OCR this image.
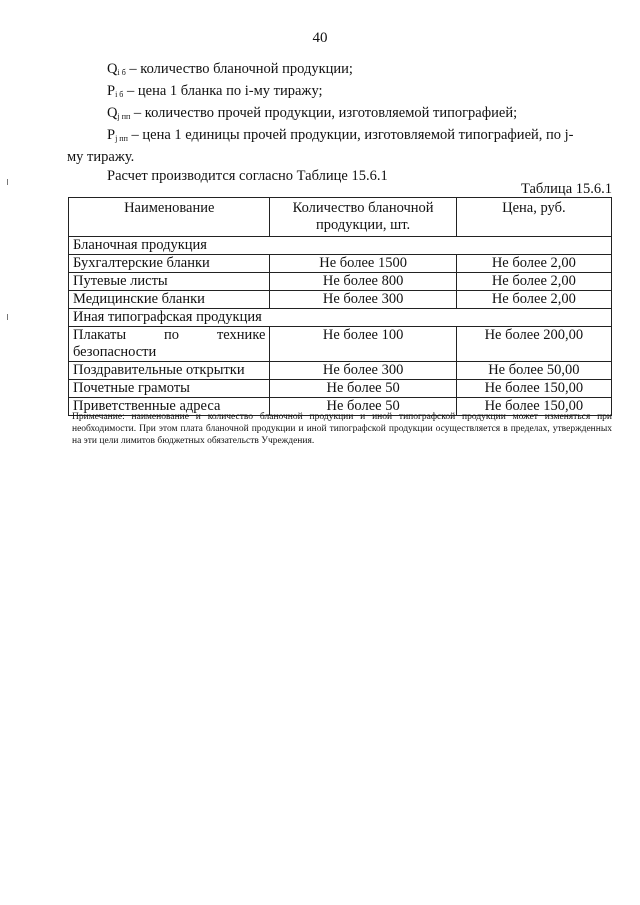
40
$Q_{i б}$ – количество бланочной продукции;
$P_{i б}$ – цена 1 бланка по i-му тиражу;
$Q_{j пп}$ – количество прочей продукции, изготовляемой типографией;
$P_{j пп}$ – цена 1 единицы прочей продукции, изготовляемой типографией, по j-
му тиражу.
Расчет производится согласно Таблице 15.6.1
Таблица 15.6.1
Наименование	Количество бланочной продукции, шт.	Цена, руб.
Бланочная продукция		
Бухгалтерские бланки	Не более 1500	Не более 2,00
Путевые листы	Не более 800	Не более 2,00
Медицинские бланки	Не более 300	Не более 2,00
Иная типографская продукция		

Плакаты по технике
безопасности	Не более 100	Не более 200,00
Поздравительные открытки	Не более 300	Не более 50,00
Почетные грамоты	Не более 50	Не более 150,00
Приветственные адреса	Не более 50	Не более 150,00
Примечание: наименование и количество бланочной продукции и иной типографской продукции может изменяться при необходимости. При этом плата бланочной продукции и иной типографской продукции осуществляется в пределах, утвержденных на эти цели лимитов бюджетных обязательств Учреждения.
